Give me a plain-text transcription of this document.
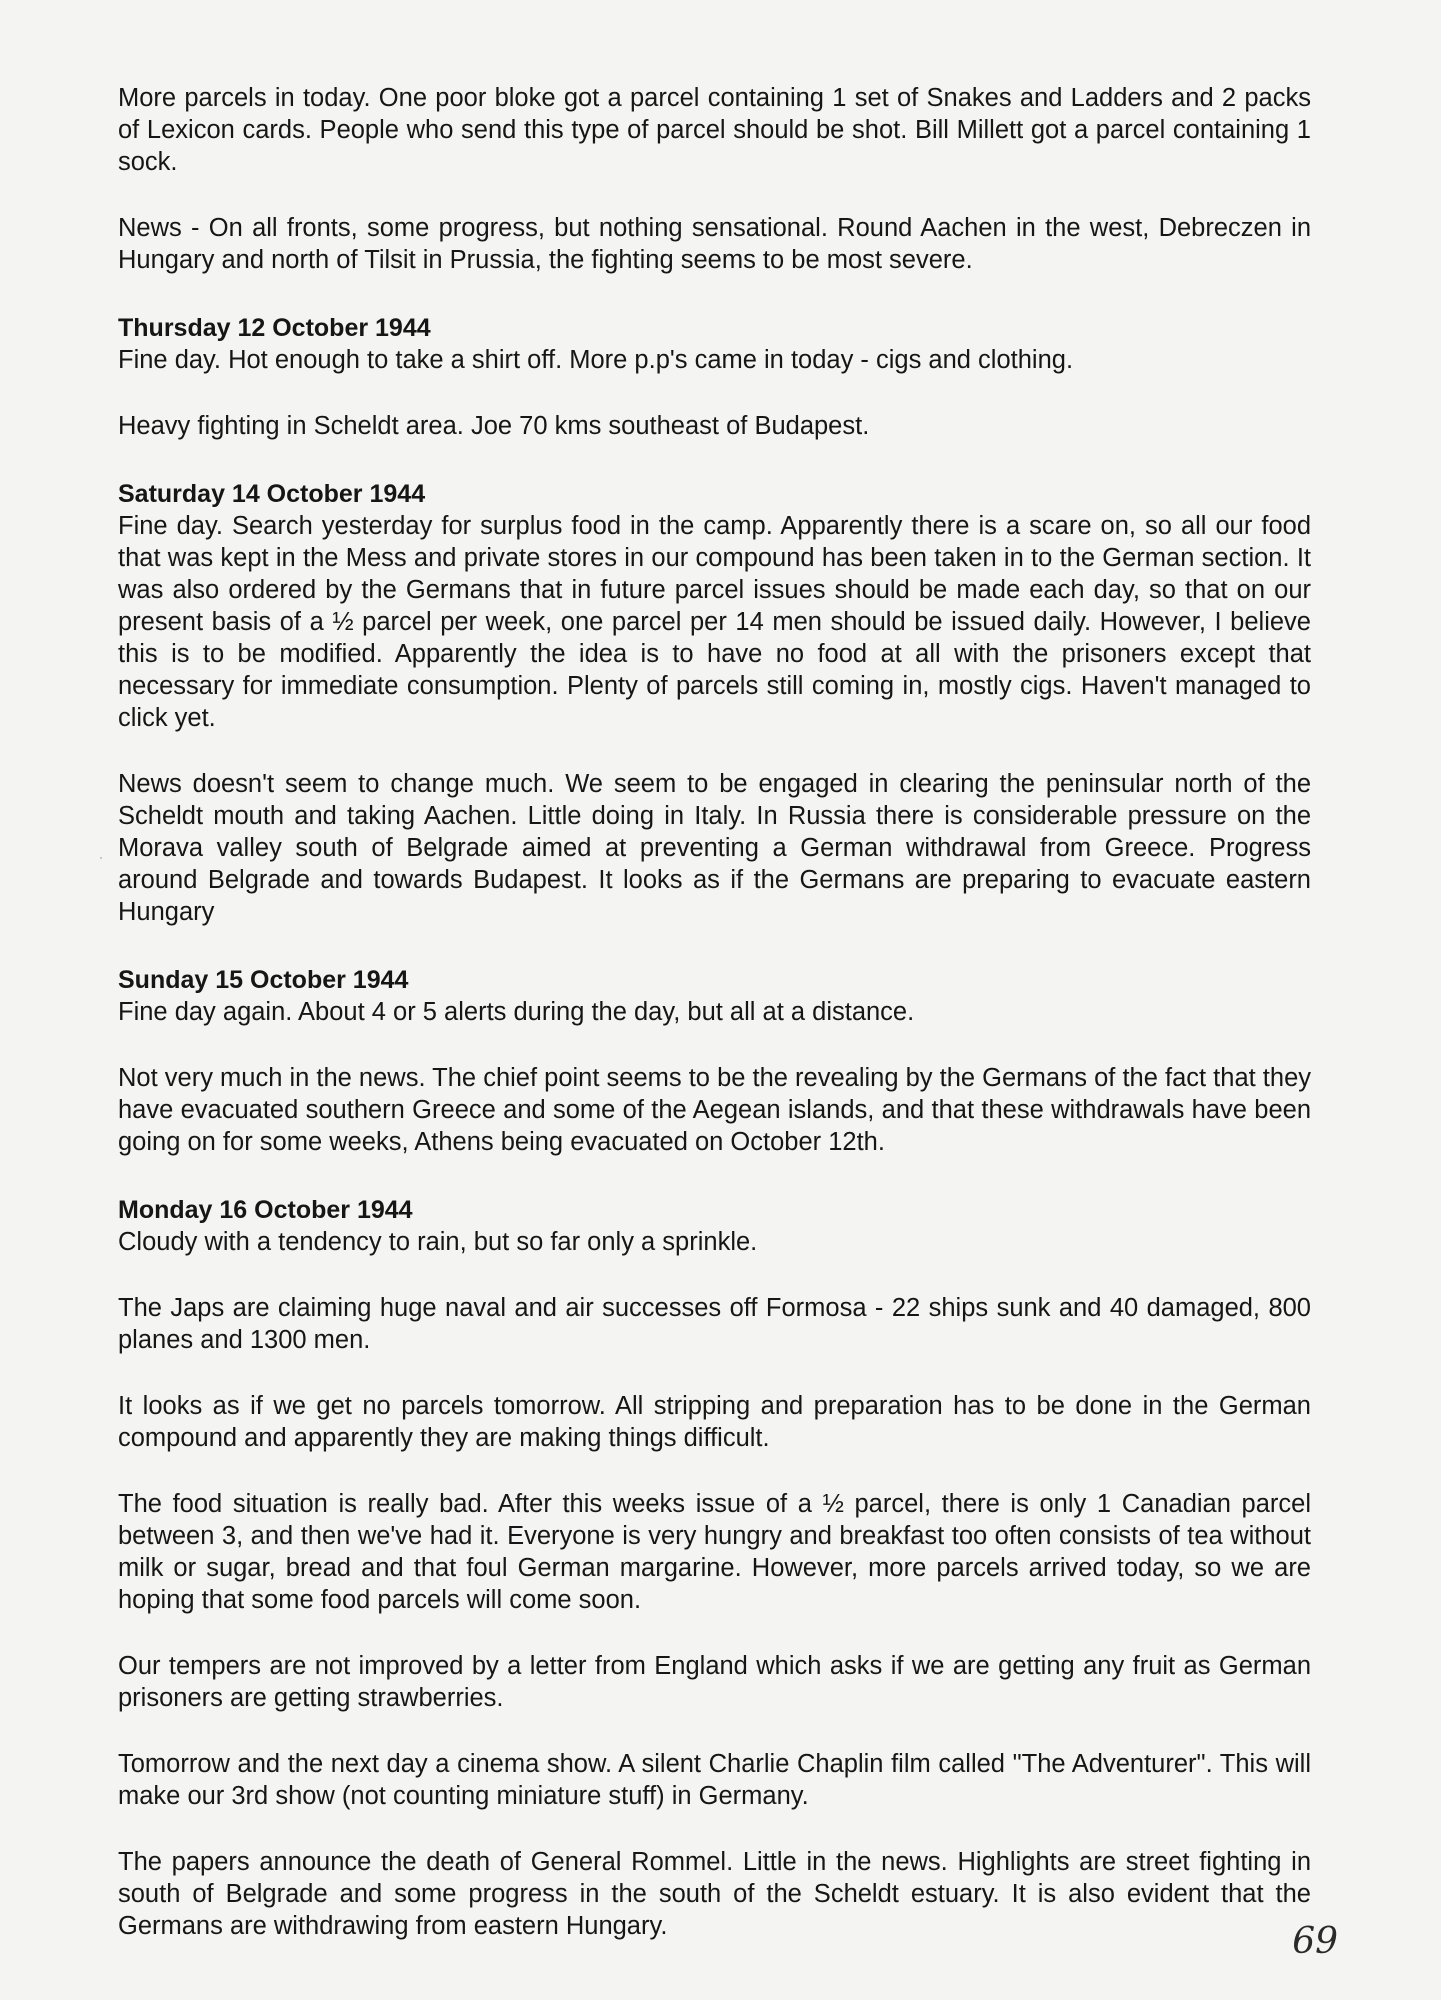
More parcels in today. One poor bloke got a parcel containing 1 set of Snakes and Ladders and 2 packs of Lexicon cards. People who send this type of parcel should be shot. Bill Millett got a parcel containing 1 sock.

News - On all fronts, some progress, but nothing sensational. Round Aachen in the west, Debreczen in Hungary and north of Tilsit in Prussia, the fighting seems to be most severe.

Thursday 12 October 1944

Fine day. Hot enough to take a shirt off. More p.p's came in today - cigs and clothing.

Heavy fighting in Scheldt area. Joe 70 kms southeast of Budapest.

Saturday 14 October 1944

Fine day. Search yesterday for surplus food in the camp. Apparently there is a scare on, so all our food that was kept in the Mess and private stores in our compound has been taken in to the German section. It was also ordered by the Germans that in future parcel issues should be made each day, so that on our present basis of a ½ parcel per week, one parcel per 14 men should be issued daily. However, I believe this is to be modified. Apparently the idea is to have no food at all with the prisoners except that necessary for immediate consumption. Plenty of parcels still coming in, mostly cigs. Haven't managed to click yet.

News doesn't seem to change much. We seem to be engaged in clearing the peninsular north of the Scheldt mouth and taking Aachen. Little doing in Italy. In Russia there is considerable pressure on the Morava valley south of Belgrade aimed at preventing a German withdrawal from Greece. Progress around Belgrade and towards Budapest. It looks as if the Germans are preparing to evacuate eastern Hungary

Sunday 15 October 1944

Fine day again. About 4 or 5 alerts during the day, but all at a distance.

Not very much in the news. The chief point seems to be the revealing by the Germans of the fact that they have evacuated southern Greece and some of the Aegean islands, and that these withdrawals have been going on for some weeks, Athens being evacuated on October 12th.

Monday 16 October 1944

Cloudy with a tendency to rain, but so far only a sprinkle.

The Japs are claiming huge naval and air successes off Formosa - 22 ships sunk and 40 damaged, 800 planes and 1300 men.

It looks as if we get no parcels tomorrow. All stripping and preparation has to be done in the German compound and apparently they are making things difficult.

The food situation is really bad. After this weeks issue of a ½ parcel, there is only 1 Canadian parcel between 3, and then we've had it. Everyone is very hungry and breakfast too often consists of tea without milk or sugar, bread and that foul German margarine. However, more parcels arrived today, so we are hoping that some food parcels will come soon.

Our tempers are not improved by a letter from England which asks if we are getting any fruit as German prisoners are getting strawberries.

Tomorrow and the next day a cinema show. A silent Charlie Chaplin film called "The Adventurer". This will make our 3rd show (not counting miniature stuff) in Germany.

The papers announce the death of General Rommel. Little in the news. Highlights are street fighting in south of Belgrade and some progress in the south of the Scheldt estuary. It is also evident that the Germans are withdrawing from eastern Hungary.	69
